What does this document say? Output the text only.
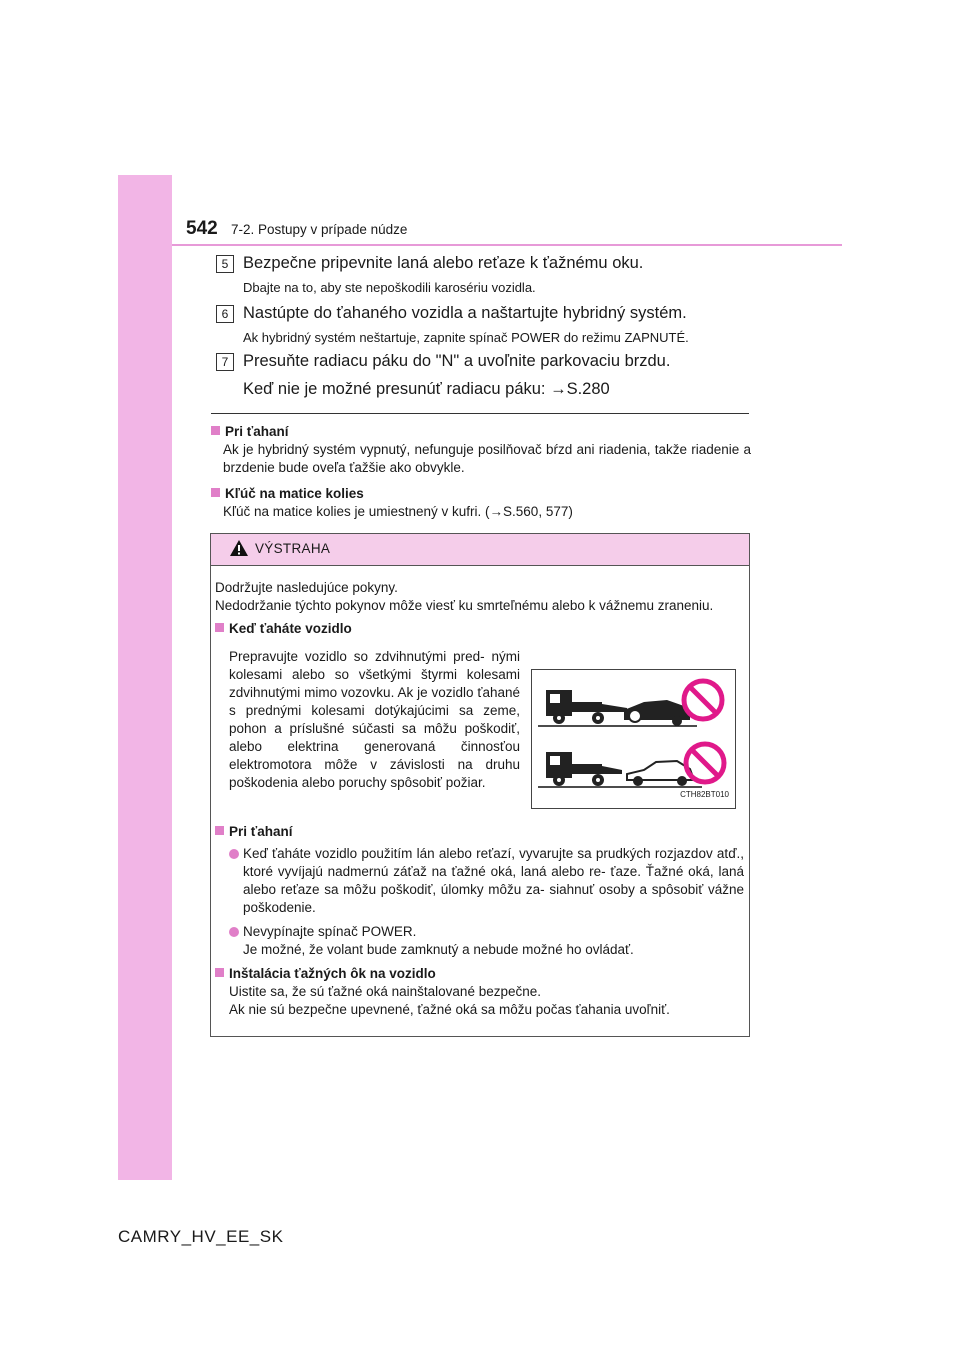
542 7-2. Postupy v prípade núdze
5 Bezpečne pripevnite laná alebo reťaze k ťažnému oku.
Dbajte na to, aby ste nepoškodili karosériu vozidla.
6 Nastúpte do ťahaného vozidla a naštartujte hybridný systém.
Ak hybridný systém neštartuje, zapnite spínač POWER do režimu ZAPNUTÉ.
7 Presuňte radiacu páku do "N" a uvoľnite parkovaciu brzdu.
Keď nie je možné presunúť radiacu páku: →S.280
Pri ťahaní
Ak je hybridný systém vypnutý, nefunguje posilňovač bŕzd ani riadenia, takže riadenie a brzdenie bude oveľa ťažšie ako obvykle.
Kľúč na matice kolies
Kľúč na matice kolies je umiestnený v kufri. (→S.560, 577)
VÝSTRAHA
Dodržujte nasledujúce pokyny.
Nedodržanie týchto pokynov môže viesť ku smrteľnému alebo k vážnemu zraneniu.
Keď ťaháte vozidlo
Prepravujte vozidlo so zdvihnutými pred- nými kolesami alebo so všetkými štyrmi kolesami zdvihnutými mimo vozovku. Ak je vozidlo ťahané s prednými kolesami dotýkajúcimi sa zeme, pohon a príslušné súčasti sa môžu poškodiť, alebo elektrina generovaná činnosťou elektromotora môže v závislosti na druhu poškodenia alebo poruchy spôsobiť požiar.
CTH82BT010
Pri ťahaní
Keď ťaháte vozidlo použitím lán alebo reťazí, vyvarujte sa prudkých rozjazdov atď., ktoré vyvíjajú nadmernú záťaž na ťažné oká, laná alebo re- ťaze. Ťažné oká, laná alebo reťaze sa môžu poškodiť, úlomky môžu za- siahnuť osoby a spôsobiť vážne poškodenie.
Nevypínajte spínač POWER.
Je možné, že volant bude zamknutý a nebude možné ho ovládať.
Inštalácia ťažných ôk na vozidlo
Uistite sa, že sú ťažné oká nainštalované bezpečne.
Ak nie sú bezpečne upevnené, ťažné oká sa môžu počas ťahania uvoľniť.
CAMRY_HV_EE_SK
